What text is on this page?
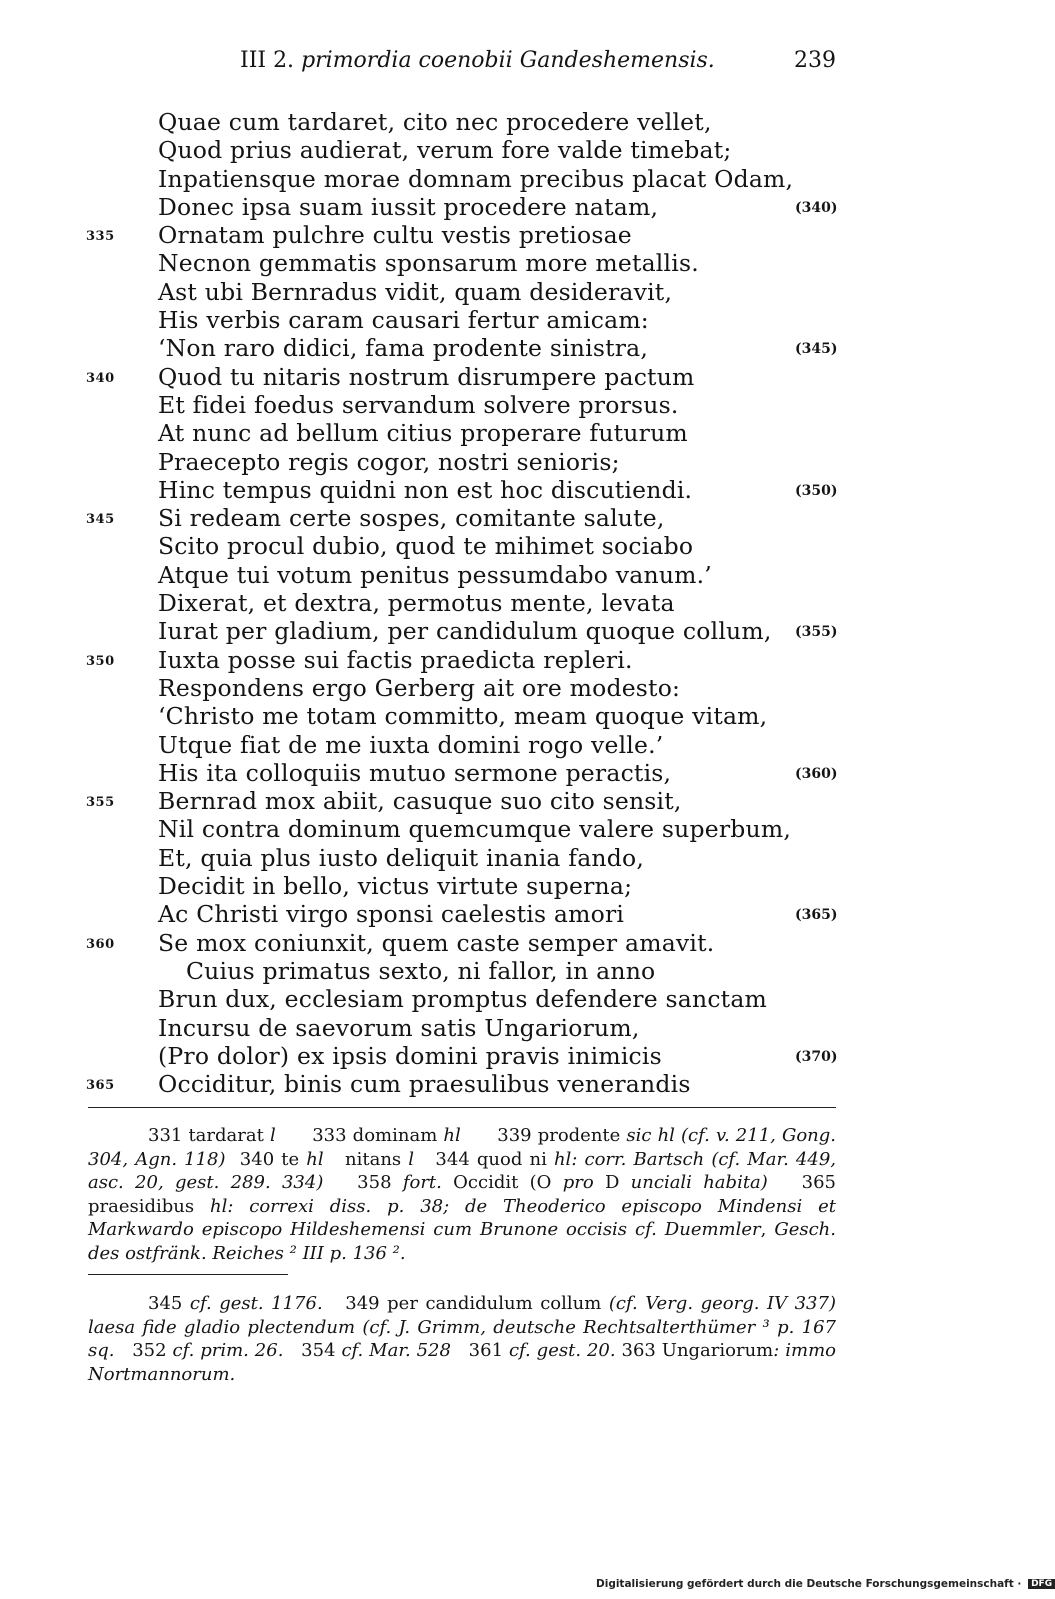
III 2. primordia coenobii Gandeshemensis.	239
Quae cum tardaret, cito nec procedere vellet,
Quod prius audierat, verum fore valde timebat;
Inpatiensque morae domnam precibus placat Odam,
Donec ipsa suam iussit procedere natam,	(340)
335 Ornatam pulchre cultu vestis pretiosae
Necnon gemmatis sponsarum more metallis.
Ast ubi Bernradus vidit, quam desideravit,
His verbis caram causari fertur amicam:
‘Non raro didici, fama prodente sinistra,	(345)
340 Quod tu nitaris nostrum disrumpere pactum
Et fidei foedus servandum solvere prorsus.
At nunc ad bellum citius properare futurum
Praecepto regis cogor, nostri senioris;
Hinc tempus quidni non est hoc discutiendi.	(350)
345 Si redeam certe sospes, comitante salute,
Scito procul dubio, quod te mihimet sociabo
Atque tui votum penitus pessumdabo vanum.’
Dixerat, et dextra, permotus mente, levata
Iurat per gladium, per candidulum quoque collum, (355)
350 Iuxta posse sui factis praedicta repleri.
Respondens ergo Gerberg ait ore modesto:
‘Christo me totam committo, meam quoque vitam,
Utque fiat de me iuxta domini rogo velle.’
His ita colloquiis mutuo sermone peractis,	(360)
355 Bernrad mox abiit, casuque suo cito sensit,
Nil contra dominum quemcumque valere superbum,
Et, quia plus iusto deliquit inania fando,
Decidit in bello, victus virtute superna;
Ac Christi virgo sponsi caelestis amori	(365)
360 Se mox coniunxit, quem caste semper amavit.
Cuius primatus sexto, ni fallor, in anno
Brun dux, ecclesiam promptus defendere sanctam
Incursu de saevorum satis Ungariorum,
(Pro dolor) ex ipsis domini pravis inimicis	(370)
365 Occiditur, binis cum praesulibus venerandis

331 tardarat l      333 dominam hl      339 prodente sic hl (cf. v. 211, Gong. 304, Agn. 118)  340 te hl   nitans l   344 quod ni hl: corr. Bartsch (cf. Mar. 449, asc. 20, gest. 289. 334)   358 fort. Occidit (O pro D unciali habita)   365 praesidibus hl: correxi diss. p. 38; de Theoderico episcopo Mindensi et Markwardo episcopo Hildeshemensi cum Brunone occisis cf. Duemmler, Gesch. des ostfränk. Reiches ² III p. 136 ².

345 cf. gest. 1176.   349 per candidulum collum (cf. Verg. georg. IV 337) laesa fide gladio plectendum (cf. J. Grimm, deutsche Rechtsalterthümer ³ p. 167 sq.   352 cf. prim. 26.   354 cf. Mar. 528   361 cf. gest. 20. 363 Ungariorum: immo Nortmannorum.

Digitalisierung gefördert durch die Deutsche Forschungsgemeinschaft · DFG
